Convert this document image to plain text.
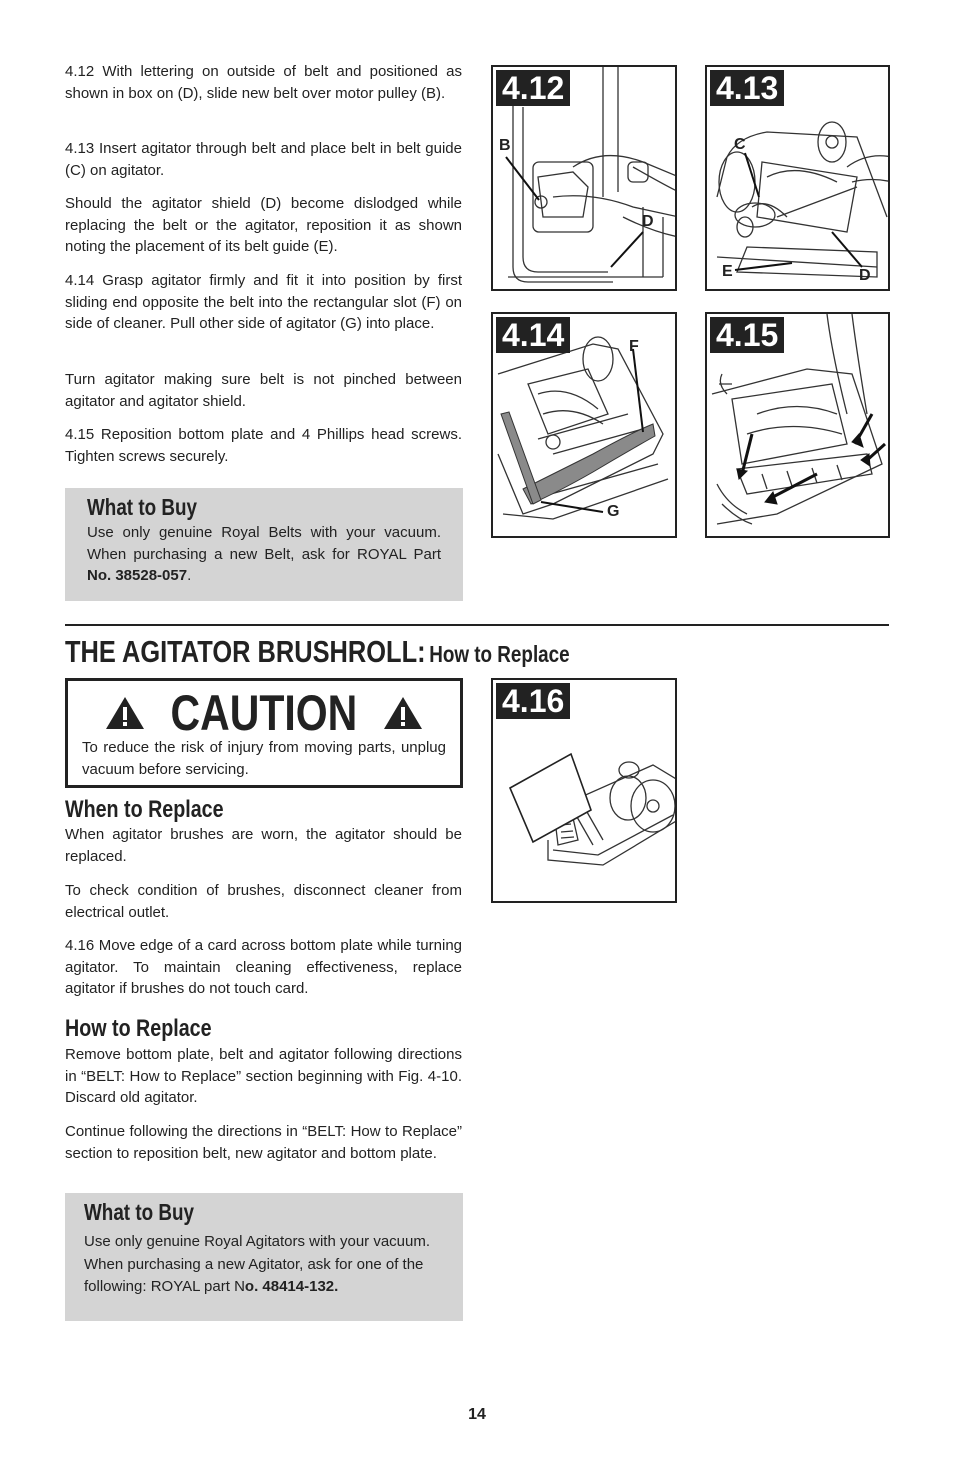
4.12 With lettering on outside of belt and positioned as shown in box on (D), slide new belt over motor pulley (B).

4.13 Insert agitator through belt and place belt in belt guide (C) on agitator.

Should the agitator shield (D) become dislodged while replacing the belt or the agitator, reposition it as shown noting the placement of its belt guide (E).

4.14 Grasp agitator firmly and fit it into position by first sliding end opposite the belt into the rectangular slot (F) on side of cleaner. Pull other side of agitator (G) into place.

Turn agitator making sure belt is not pinched between agitator and agitator shield.

4.15 Reposition bottom plate and 4 Phillips head screws. Tighten screws securely.

What to Buy
Use only genuine Royal Belts with your vacuum. When purchasing a new Belt, ask for ROYAL Part No. 38528-057.
4.12
B
D
4.13
C
E	D
4.14	F
G
4.15
THE AGITATOR BRUSHROLL: How to Replace
CAUTION
To reduce the risk of injury from moving parts, unplug vacuum before servicing.
When to Replace

When agitator brushes are worn, the agitator should be replaced.

To check condition of brushes, disconnect cleaner from electrical outlet.

4.16 Move edge of a card across bottom plate while turning agitator. To maintain cleaning effectiveness, replace agitator if brushes do not touch card.

How to Replace

Remove bottom plate, belt and agitator following directions in “BELT: How to Replace” section beginning with Fig. 4-10. Discard old agitator.

Continue following the directions in “BELT: How to Replace” section to reposition belt, new agitator and bottom plate.

What to Buy
Use only genuine Royal Agitators with your vacuum. When purchasing a new Agitator, ask for one of the following: ROYAL part No. 48414-132.
4.16
14
